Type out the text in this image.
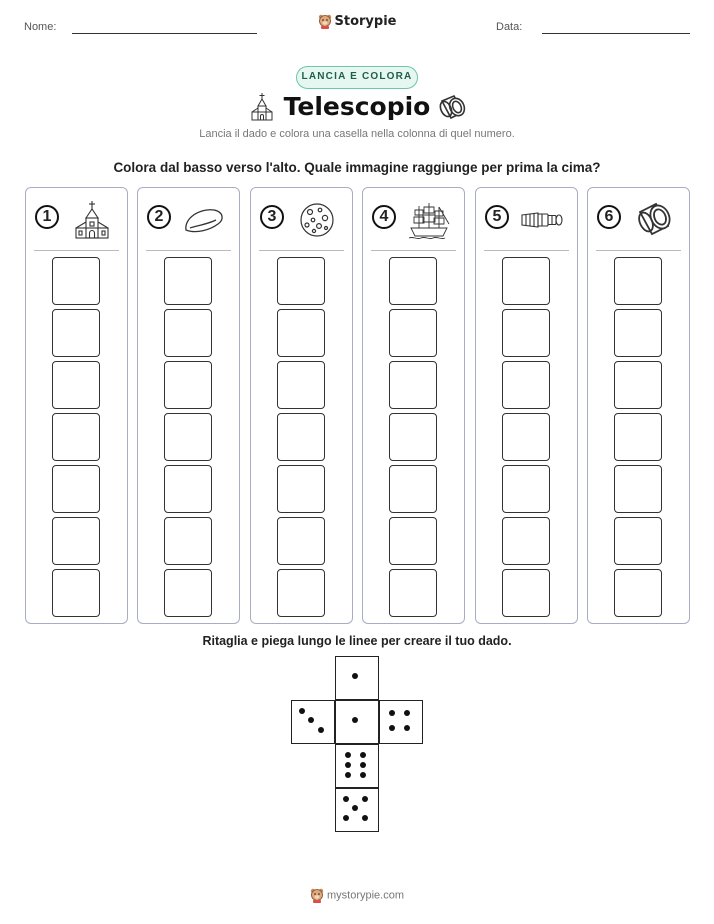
Nome:	Data:
Storypie
LANCIA E COLORA
Telescopio
Lancia il dado e colora una casella nella colonna di quel numero.
Colora dal basso verso l'alto. Quale immagine raggiunge per prima la cima?
1	2	3	4	5	6
Ritaglia e piega lungo le linee per creare il tuo dado.
mystorypie.com
